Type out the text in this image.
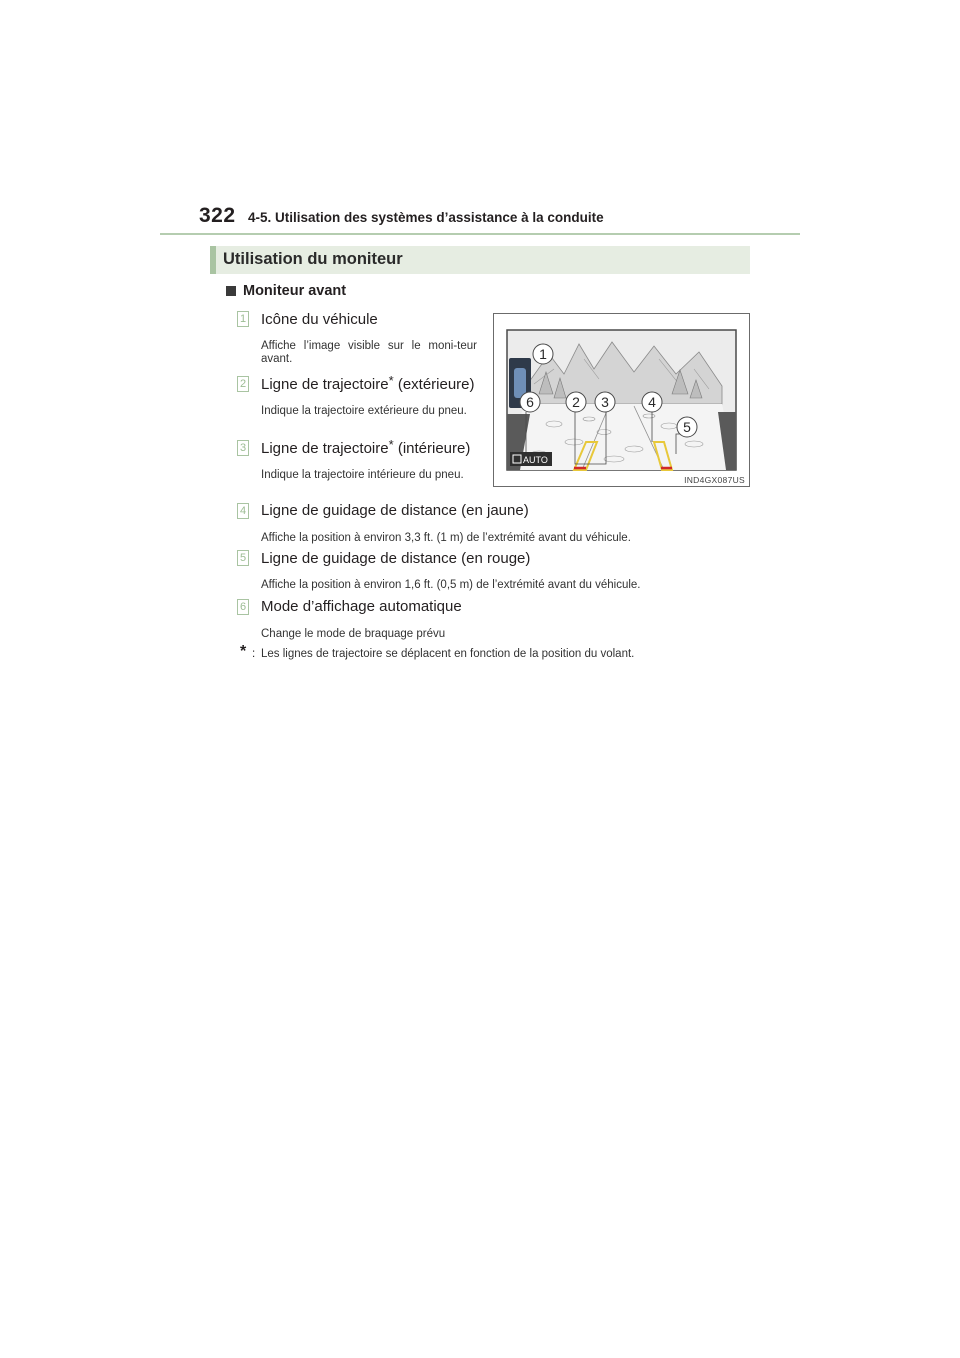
322 4-5. Utilisation des systèmes d’assistance à la conduite
Utilisation du moniteur
Moniteur avant
1 Icône du véhicule
Affiche l’image visible sur le moni-teur avant.
2 Ligne de trajectoire* (extérieure)
Indique la trajectoire extérieure du pneu.
3 Ligne de trajectoire* (intérieure)
Indique la trajectoire intérieure du pneu.
4 Ligne de guidage de distance (en jaune)
Affiche la position à environ 3,3 ft. (1 m) de l’extrémité avant du véhicule.
5 Ligne de guidage de distance (en rouge)
Affiche la position à environ 1,6 ft. (0,5 m) de l’extrémité avant du véhicule.
6 Mode d’affichage automatique
Change le mode de braquage prévu
* : Les lignes de trajectoire se déplacent en fonction de la position du volant.
AUTO
1
2 3	4
5
6
IND4GX087US
